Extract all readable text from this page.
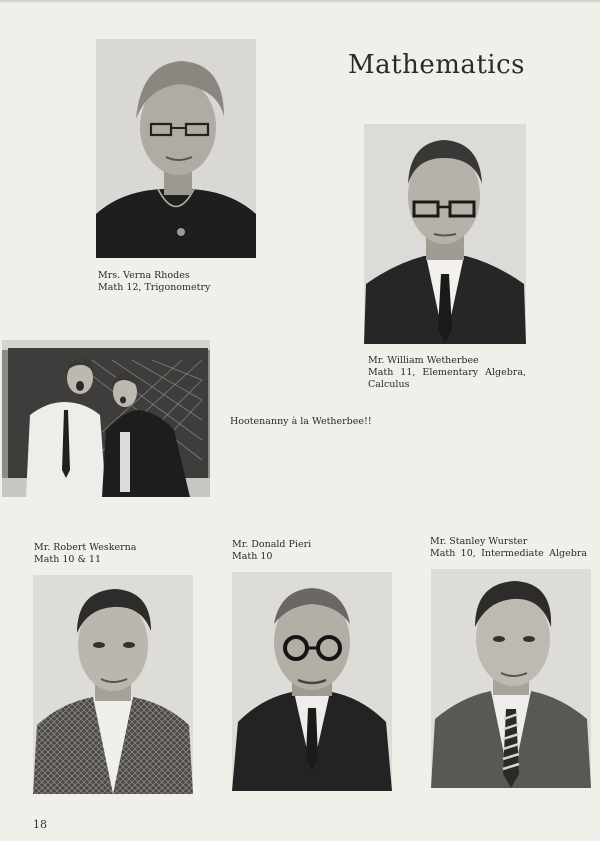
Mathematics
Mrs. Verna Rhodes
Math 12, Trigonometry
Mr. William Wetherbee
Math 11, Elementary Algebra,
Calculus
Hootenanny à la Wetherbee!!
Mr. Robert Weskerna
Math 10 & 11
Mr. Donald Pieri
Math 10
Mr. Stanley Wurster
Math 10, Intermediate Algebra
18
